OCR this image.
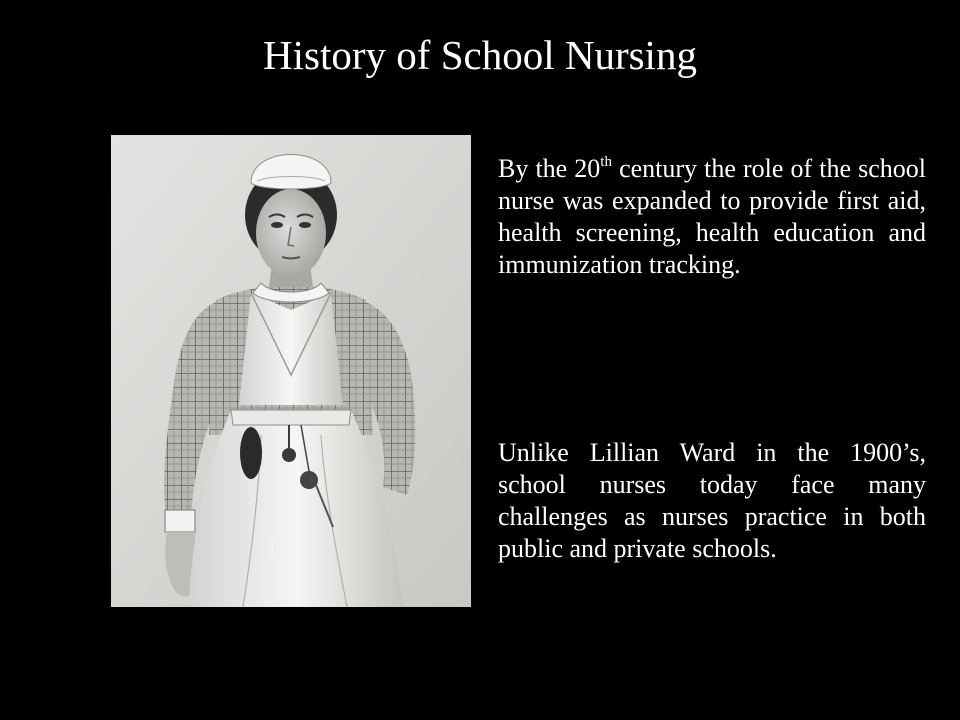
History of School Nursing
1

By the 20th century the role of the school nurse was expanded to provide first aid, health screening, health education and immunization tracking.

Unlike Lillian Ward in the 1900’s, school nurses today face many challenges as nurses practice in both public and private schools.
